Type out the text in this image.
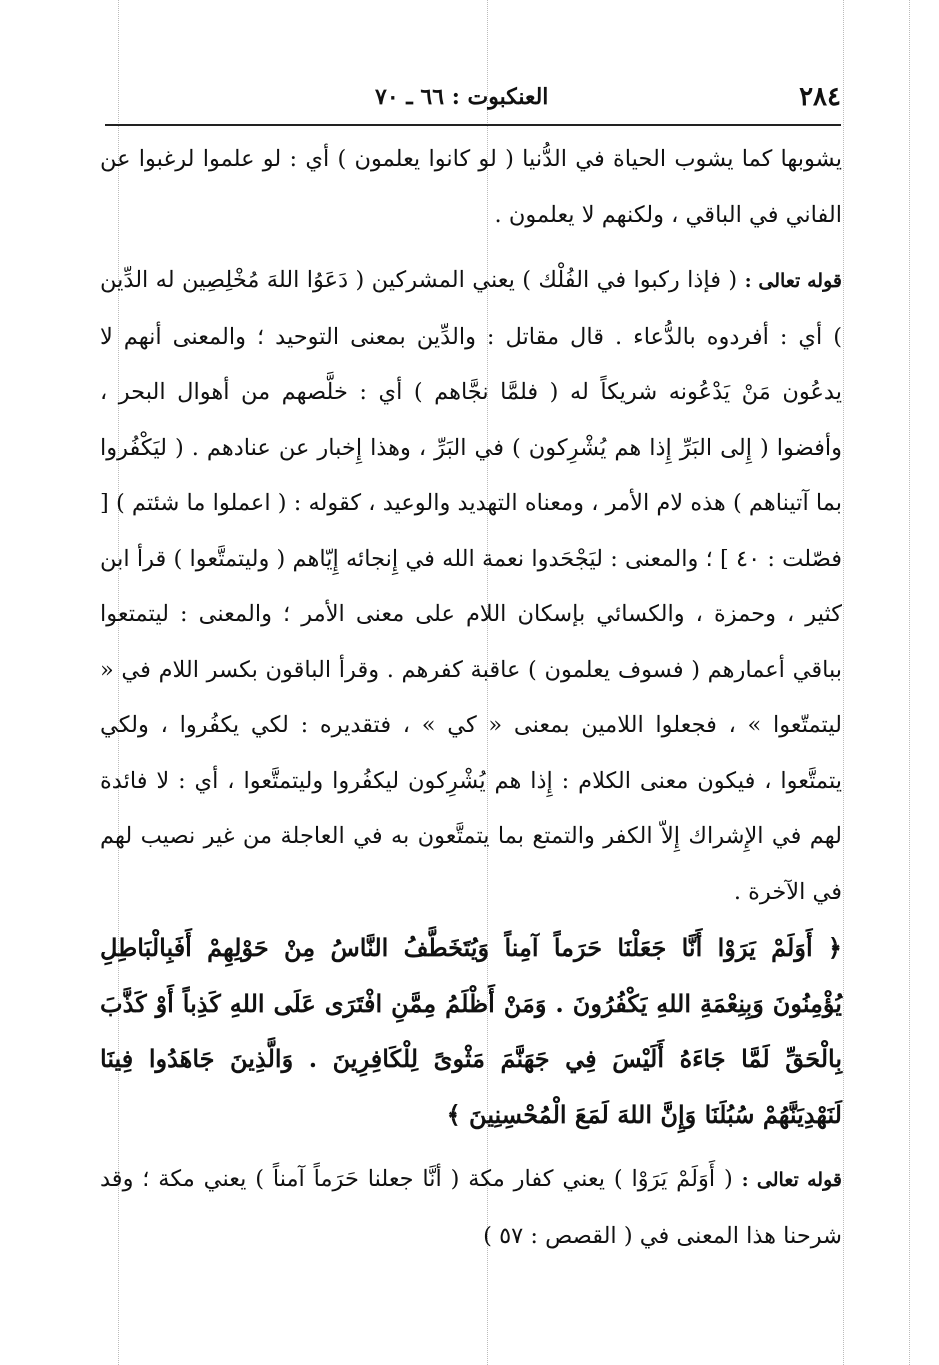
٢٨٤
العنكبوت : ٦٦ ـ ٧٠

يشوبها كما يشوب الحياة في الدُّنيا ( لو كانوا يعلمون ) أي : لو علموا لرغبوا عن الفاني في الباقي ، ولكنهم لا يعلمون .

قوله تعالى : ( فإذا ركبوا في الفُلْك ) يعني المشركين ( دَعَوُا اللهَ مُخْلِصِين له الدِّين ) أي : أفردوه بالدُّعاء . قال مقاتل : والدِّين بمعنى التوحيد ؛ والمعنى أنهم لا يدعُون مَنْ يَدْعُونه شريكاً له ( فلمَّا نجَّاهم ) أي : خلَّصهم من أهوال البحر ، وأفضوا ( إِلى البَرِّ إِذا هم يُشْرِكون ) في البَرِّ ، وهذا إِخبار عن عنادهم . ( ليَكْفُروا بما آتيناهم ) هذه لام الأمر ، ومعناه التهديد والوعيد ، كقوله : ( اعملوا ما شئتم ) [ فصّلت : ٤٠ ] ؛ والمعنى : ليَجْحَدوا نعمة الله في إِنجائه إِيّاهم ( وليتمتَّعوا ) قرأ ابن كثير ، وحمزة ، والكسائي بإسكان اللام على معنى الأمر ؛ والمعنى : ليتمتعوا بباقي أعمارهم ( فسوف يعلمون ) عاقبة كفرهم . وقرأ الباقون بكسر اللام في « ليتمتّعوا » ، فجعلوا اللامين بمعنى « كي » ، فتقديره : لكي يكفُروا ، ولكي يتمتَّعوا ، فيكون معنى الكلام : إِذا هم يُشْرِكون ليكفُروا وليتمتَّعوا ، أي : لا فائدة لهم في الإِشراك إِلاّ الكفر والتمتع بما يتمتَّعون به في العاجلة من غير نصيب لهم في الآخرة .

﴿ أَوَلَمْ يَرَوْا أَنَّا جَعَلْنَا حَرَماً آمِناً وَيُتَخَطَّفُ النَّاسُ مِنْ حَوْلِهِمْ أَفَبِالْبَاطِلِ يُؤْمِنُونَ وَبِنِعْمَةِ اللهِ يَكْفُرُونَ . وَمَنْ أَظْلَمُ مِمَّنِ افْتَرَى عَلَى اللهِ كَذِباً أَوْ كَذَّبَ بِالْحَقِّ لَمَّا جَاءَهُ أَلَيْسَ فِي جَهَنَّمَ مَثْوىً لِلْكَافِرِينَ . وَالَّذِينَ جَاهَدُوا فِينَا لَنَهْدِيَنَّهُمْ سُبُلَنَا وَإِنَّ اللهَ لَمَعَ الْمُحْسِنِينَ ﴾

قوله تعالى : ( أَوَلَمْ يَرَوْا ) يعني كفار مكة ( أنَّا جعلنا حَرَماً آمناً ) يعني مكة ؛ وقد شرحنا هذا المعنى في ( القصص : ٥٧ )
